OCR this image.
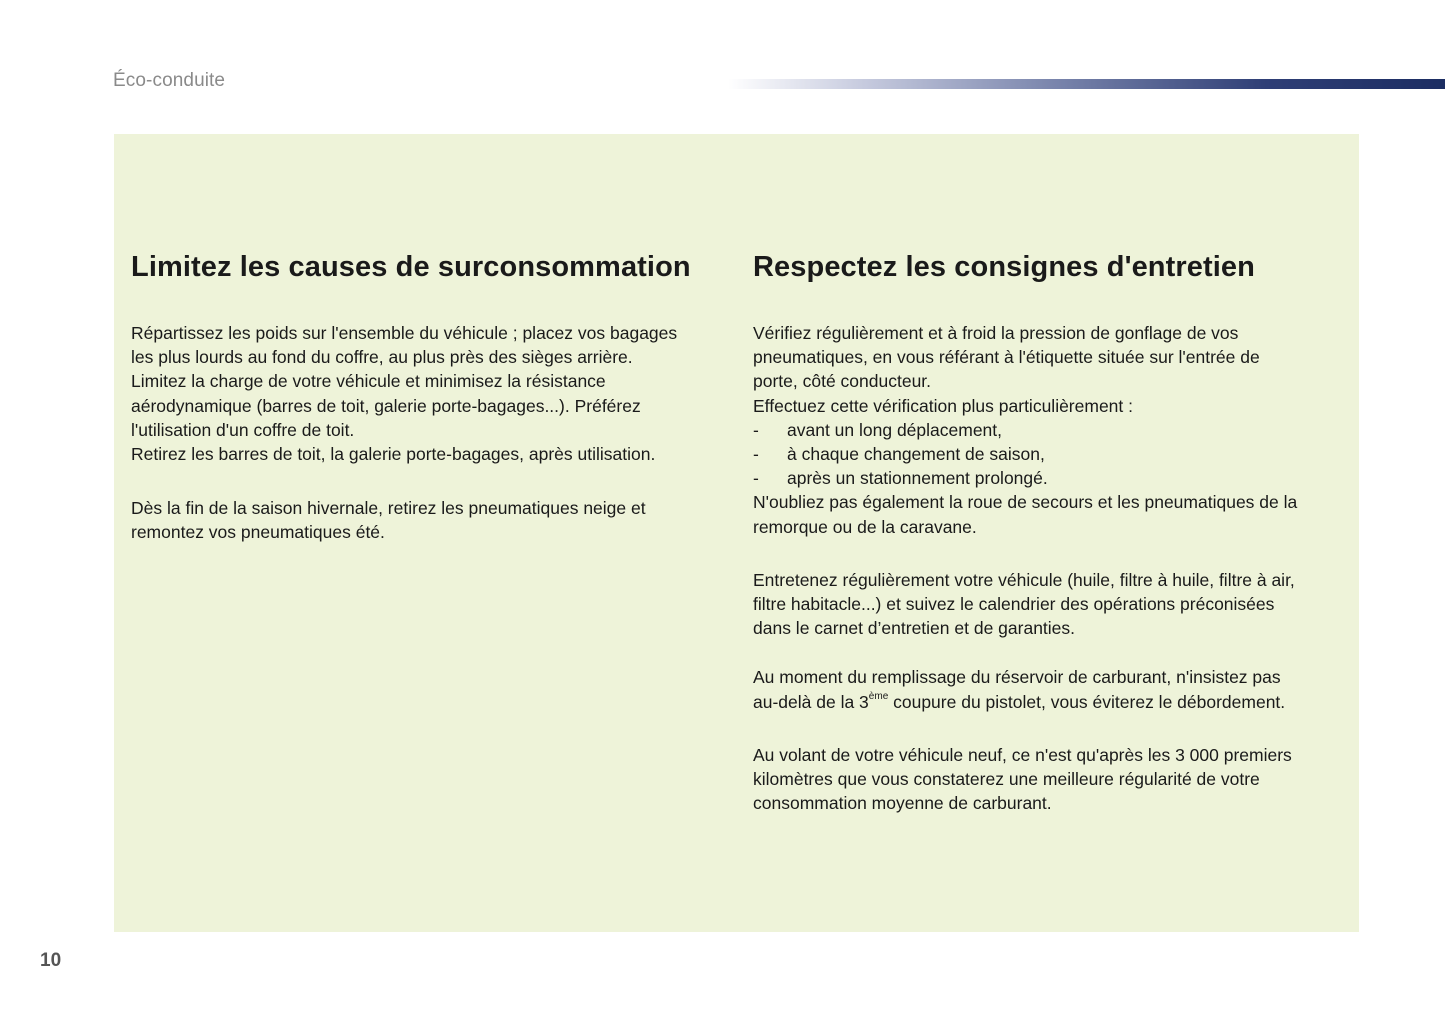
Éco-conduite
Limitez les causes de surconsommation

Répartissez les poids sur l'ensemble du véhicule ; placez vos bagages

les plus lourds au fond du coffre, au plus près des sièges arrière.

Limitez la charge de votre véhicule et minimisez la résistance

aérodynamique (barres de toit, galerie porte-bagages...). Préférez

l'utilisation d'un coffre de toit.

Retirez les barres de toit, la galerie porte-bagages, après utilisation.

Dès la fin de la saison hivernale, retirez les pneumatiques neige et

remontez vos pneumatiques été.

Respectez les consignes d'entretien

Vérifiez régulièrement et à froid la pression de gonflage de vos

pneumatiques, en vous référant à l'étiquette située sur l'entrée de

porte, côté conducteur.

Effectuez cette vérification plus particulièrement :

-	avant un long déplacement,
-	à chaque changement de saison,
-	après un stationnement prolongé.

N'oubliez pas également la roue de secours et les pneumatiques de la

remorque ou de la caravane.

Entretenez régulièrement votre véhicule (huile, filtre à huile, filtre à air,

filtre habitacle...) et suivez le calendrier des opérations préconisées

dans le carnet d’entretien et de garanties.

Au moment du remplissage du réservoir de carburant, n'insistez pas

au-delà de la 3ème coupure du pistolet, vous éviterez le débordement.

Au volant de votre véhicule neuf, ce n'est qu'après les 3 000 premiers

kilomètres que vous constaterez une meilleure régularité de votre

consommation moyenne de carburant.

10
